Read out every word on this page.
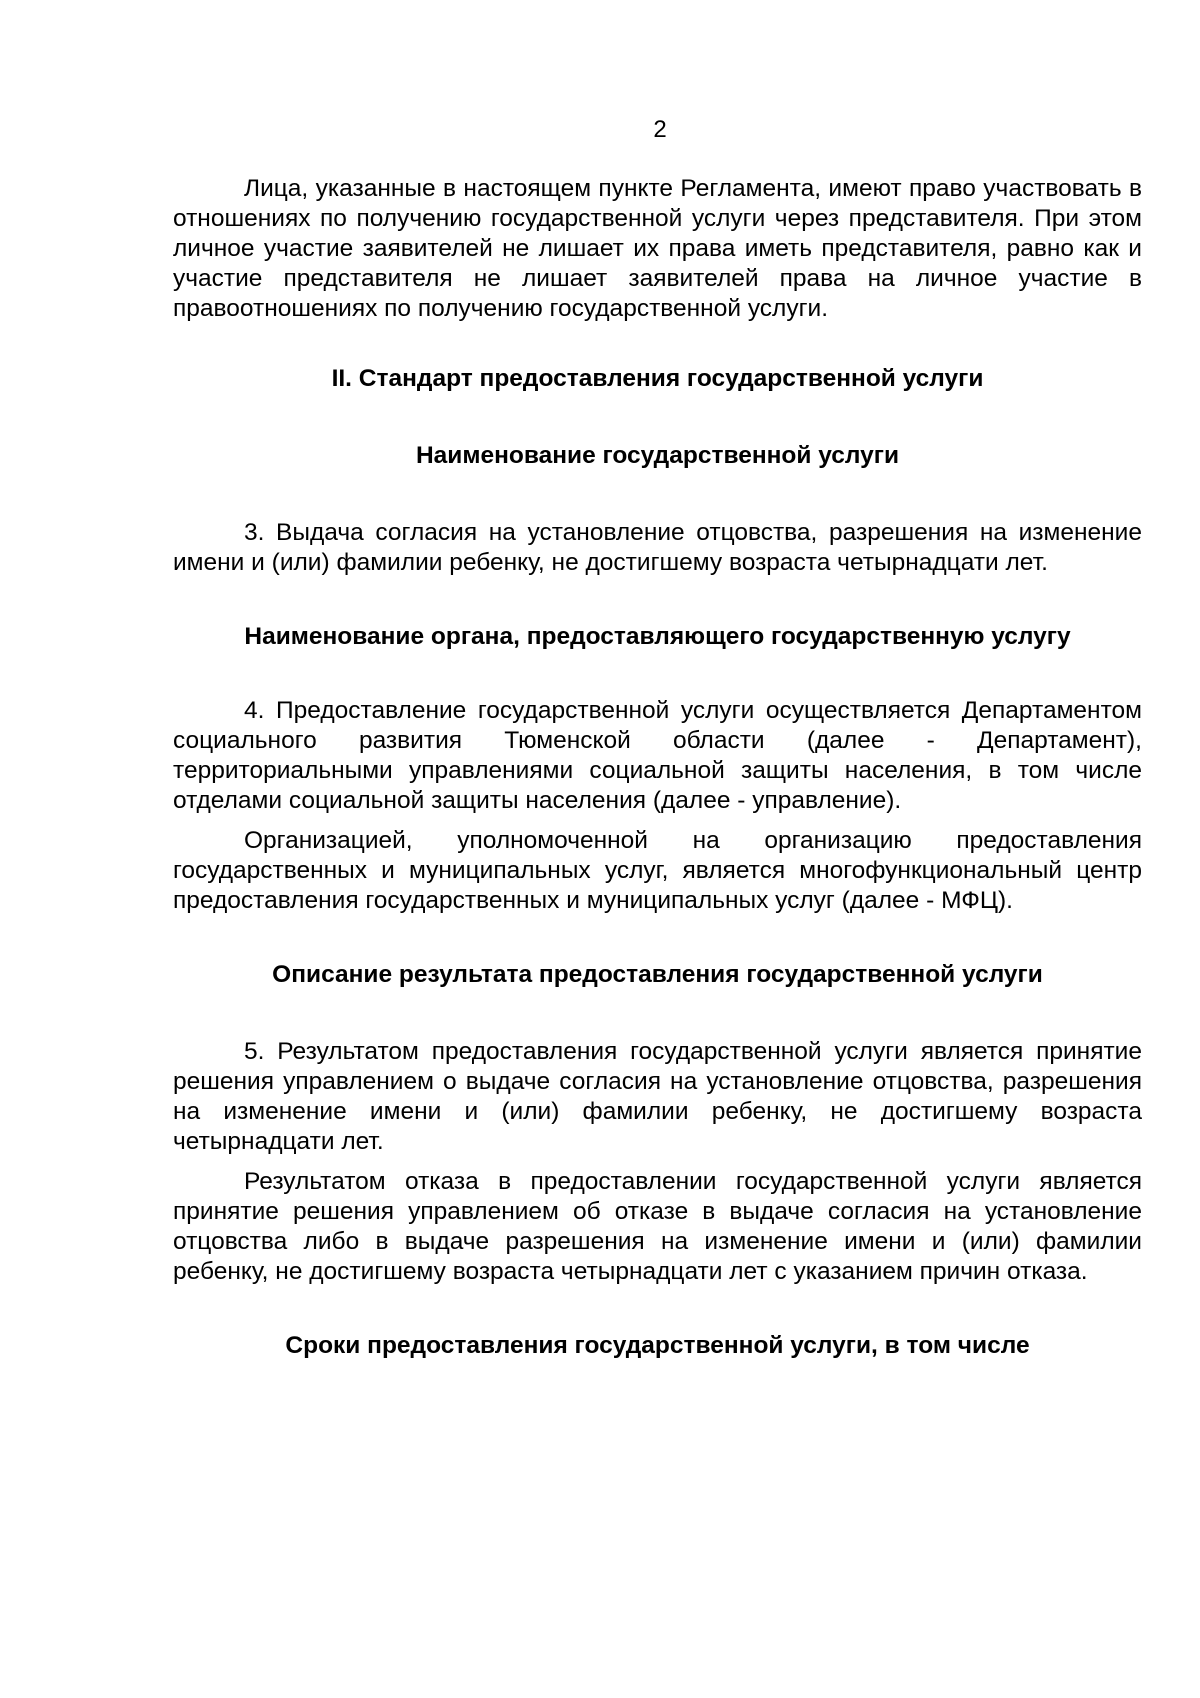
2

Лица, указанные в настоящем пункте Регламента, имеют право участвовать в отношениях по получению государственной услуги через представителя. При этом личное участие заявителей не лишает их права иметь представителя, равно как и участие представителя не лишает заявителей права на личное участие в правоотношениях по получению государственной услуги.

II. Стандарт предоставления государственной услуги

Наименование государственной услуги

3. Выдача согласия на установление отцовства, разрешения на изменение имени и (или) фамилии ребенку, не достигшему возраста четырнадцати лет.

Наименование органа, предоставляющего государственную услугу

4. Предоставление государственной услуги осуществляется Департаментом социального развития Тюменской области (далее - Департамент), территориальными управлениями социальной защиты населения, в том числе отделами социальной защиты населения (далее - управление).

Организацией, уполномоченной на организацию предоставления государственных и муниципальных услуг, является многофункциональный центр предоставления государственных и муниципальных услуг (далее - МФЦ).

Описание результата предоставления государственной услуги

5. Результатом предоставления государственной услуги является принятие решения управлением о выдаче согласия на установление отцовства, разрешения на изменение имени и (или) фамилии ребенку, не достигшему возраста четырнадцати лет.

Результатом отказа в предоставлении государственной услуги является принятие решения управлением об отказе в выдаче согласия на установление отцовства либо в выдаче разрешения на изменение имени и (или) фамилии ребенку, не достигшему возраста четырнадцати лет с указанием причин отказа.

Сроки предоставления государственной услуги, в том числе
